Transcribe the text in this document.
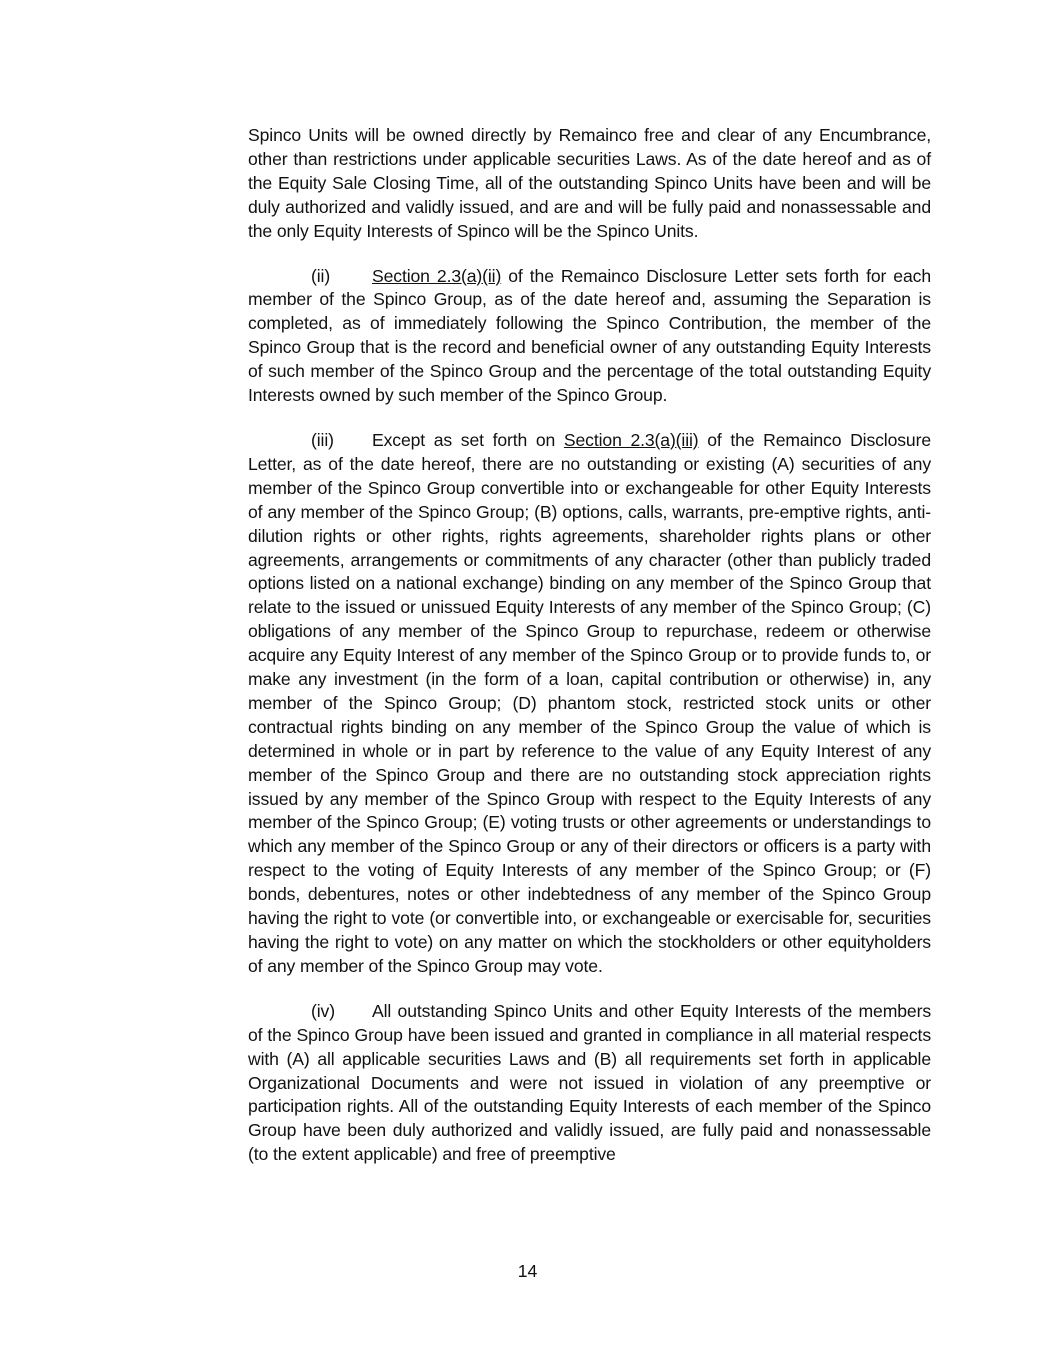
Spinco Units will be owned directly by Remainco free and clear of any Encumbrance, other than restrictions under applicable securities Laws. As of the date hereof and as of the Equity Sale Closing Time, all of the outstanding Spinco Units have been and will be duly authorized and validly issued, and are and will be fully paid and nonassessable and the only Equity Interests of Spinco will be the Spinco Units.

(ii) Section 2.3(a)(ii) of the Remainco Disclosure Letter sets forth for each member of the Spinco Group, as of the date hereof and, assuming the Separation is completed, as of immediately following the Spinco Contribution, the member of the Spinco Group that is the record and beneficial owner of any outstanding Equity Interests of such member of the Spinco Group and the percentage of the total outstanding Equity Interests owned by such member of the Spinco Group.

(iii) Except as set forth on Section 2.3(a)(iii) of the Remainco Disclosure Letter, as of the date hereof, there are no outstanding or existing (A) securities of any member of the Spinco Group convertible into or exchangeable for other Equity Interests of any member of the Spinco Group; (B) options, calls, warrants, pre-emptive rights, anti-dilution rights or other rights, rights agreements, shareholder rights plans or other agreements, arrangements or commitments of any character (other than publicly traded options listed on a national exchange) binding on any member of the Spinco Group that relate to the issued or unissued Equity Interests of any member of the Spinco Group; (C) obligations of any member of the Spinco Group to repurchase, redeem or otherwise acquire any Equity Interest of any member of the Spinco Group or to provide funds to, or make any investment (in the form of a loan, capital contribution or otherwise) in, any member of the Spinco Group; (D) phantom stock, restricted stock units or other contractual rights binding on any member of the Spinco Group the value of which is determined in whole or in part by reference to the value of any Equity Interest of any member of the Spinco Group and there are no outstanding stock appreciation rights issued by any member of the Spinco Group with respect to the Equity Interests of any member of the Spinco Group; (E) voting trusts or other agreements or understandings to which any member of the Spinco Group or any of their directors or officers is a party with respect to the voting of Equity Interests of any member of the Spinco Group; or (F) bonds, debentures, notes or other indebtedness of any member of the Spinco Group having the right to vote (or convertible into, or exchangeable or exercisable for, securities having the right to vote) on any matter on which the stockholders or other equityholders of any member of the Spinco Group may vote.

(iv) All outstanding Spinco Units and other Equity Interests of the members of the Spinco Group have been issued and granted in compliance in all material respects with (A) all applicable securities Laws and (B) all requirements set forth in applicable Organizational Documents and were not issued in violation of any preemptive or participation rights. All of the outstanding Equity Interests of each member of the Spinco Group have been duly authorized and validly issued, are fully paid and nonassessable (to the extent applicable) and free of preemptive

14
